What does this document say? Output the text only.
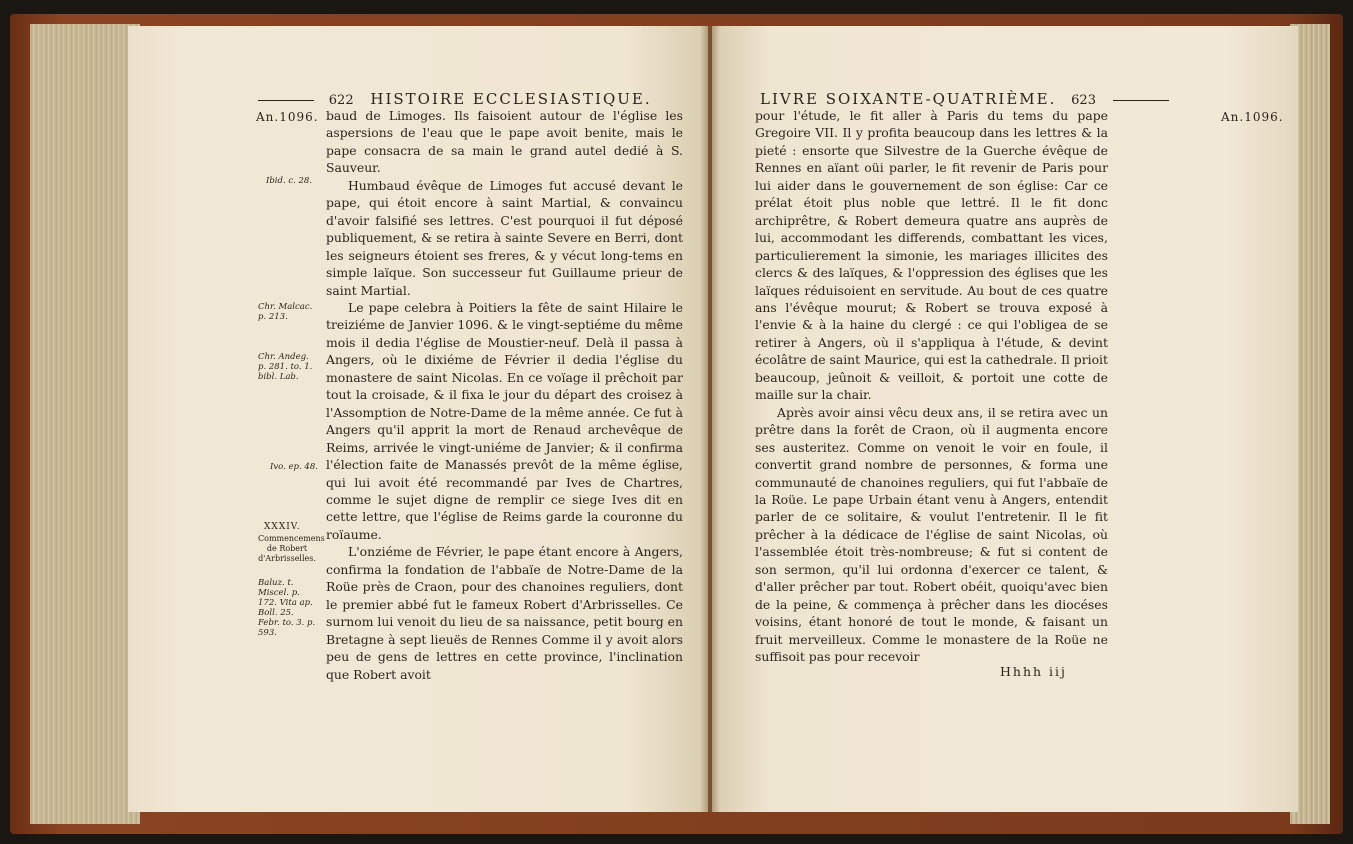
622 HISTOIRE ECCLESIASTIQUE.
An.1096.
Ibid. c. 28.
Chr. Malcac. p. 213.
Chr. Andeg. p. 281. to. 1. bibl. Lab.
Ivo. ep. 48.
XXXIV.
Commencemens de Robert d'Arbrisselles.
Baluz. t. Miscel. p. 172. Vita ap. Boll. 25. Febr. to. 3. p. 593.

baud de Limoges. Ils faisoient autour de l'église les aspersions de l'eau que le pape avoit benite, mais le pape consacra de sa main le grand autel dedié à S. Sauveur.

Humbaud évêque de Limoges fut accusé devant le pape, qui étoit encore à saint Martial, & convaincu d'avoir falsifié ses lettres. C'est pourquoi il fut déposé publiquement, & se retira à sainte Severe en Berri, dont les seigneurs étoient ses freres, & y vécut long-tems en simple laïque. Son successeur fut Guillaume prieur de saint Martial.

Le pape celebra à Poitiers la fête de saint Hilaire le treiziéme de Janvier 1096. & le vingt-septiéme du même mois il dedia l'église de Moustier-neuf. Delà il passa à Angers, où le dixiéme de Février il dedia l'église du monastere de saint Nicolas. En ce voïage il prêchoit par tout la croisade, & il fixa le jour du départ des croisez à l'Assomption de Notre-Dame de la même année. Ce fut à Angers qu'il apprit la mort de Renaud archevêque de Reims, arrivée le vingt-uniéme de Janvier; & il confirma l'élection faite de Manassés prevôt de la même église, qui lui avoit été recommandé par Ives de Chartres, comme le sujet digne de remplir ce siege Ives dit en cette lettre, que l'église de Reims garde la couronne du roïaume.

L'onziéme de Février, le pape étant encore à Angers, confirma la fondation de l'abbaïe de Notre-Dame de la Roüe près de Craon, pour des chanoines reguliers, dont le premier abbé fut le fameux Robert d'Arbrisselles. Ce surnom lui venoit du lieu de sa naissance, petit bourg en Bretagne à sept lieuës de Rennes Comme il y avoit alors peu de gens de lettres en cette province, l'inclination que Robert avoit

LIVRE SOIXANTE-QUATRIÈME. 623
An.1096.

pour l'étude, le fit aller à Paris du tems du pape Gregoire VII. Il y profita beaucoup dans les lettres & la pieté : ensorte que Silvestre de la Guerche évêque de Rennes en aïant oüi parler, le fit revenir de Paris pour lui aider dans le gouvernement de son église: Car ce prélat étoit plus noble que lettré. Il le fit donc archiprêtre, & Robert demeura quatre ans auprès de lui, accommodant les differends, combattant les vices, particulierement la simonie, les mariages illicites des clercs & des laïques, & l'oppression des églises que les laïques réduisoient en servitude. Au bout de ces quatre ans l'évêque mourut; & Robert se trouva exposé à l'envie & à la haine du clergé : ce qui l'obligea de se retirer à Angers, où il s'appliqua à l'étude, & devint écolâtre de saint Maurice, qui est la cathedrale. Il prioit beaucoup, jeûnoit & veilloit, & portoit une cotte de maille sur la chair.

Après avoir ainsi vêcu deux ans, il se retira avec un prêtre dans la forêt de Craon, où il augmenta encore ses austeritez. Comme on venoit le voir en foule, il convertit grand nombre de personnes, & forma une communauté de chanoines reguliers, qui fut l'abbaïe de la Roüe. Le pape Urbain étant venu à Angers, entendit parler de ce solitaire, & voulut l'entretenir. Il le fit prêcher à la dédicace de l'église de saint Nicolas, où l'assemblée étoit très-nombreuse; & fut si content de son sermon, qu'il lui ordonna d'exercer ce talent, & d'aller prêcher par tout. Robert obéit, quoiqu'avec bien de la peine, & commença à prêcher dans les diocéses voisins, étant honoré de tout le monde, & faisant un fruit merveilleux. Comme le monastere de la Roüe ne suffisoit pas pour recevoir

Hhhh iij
